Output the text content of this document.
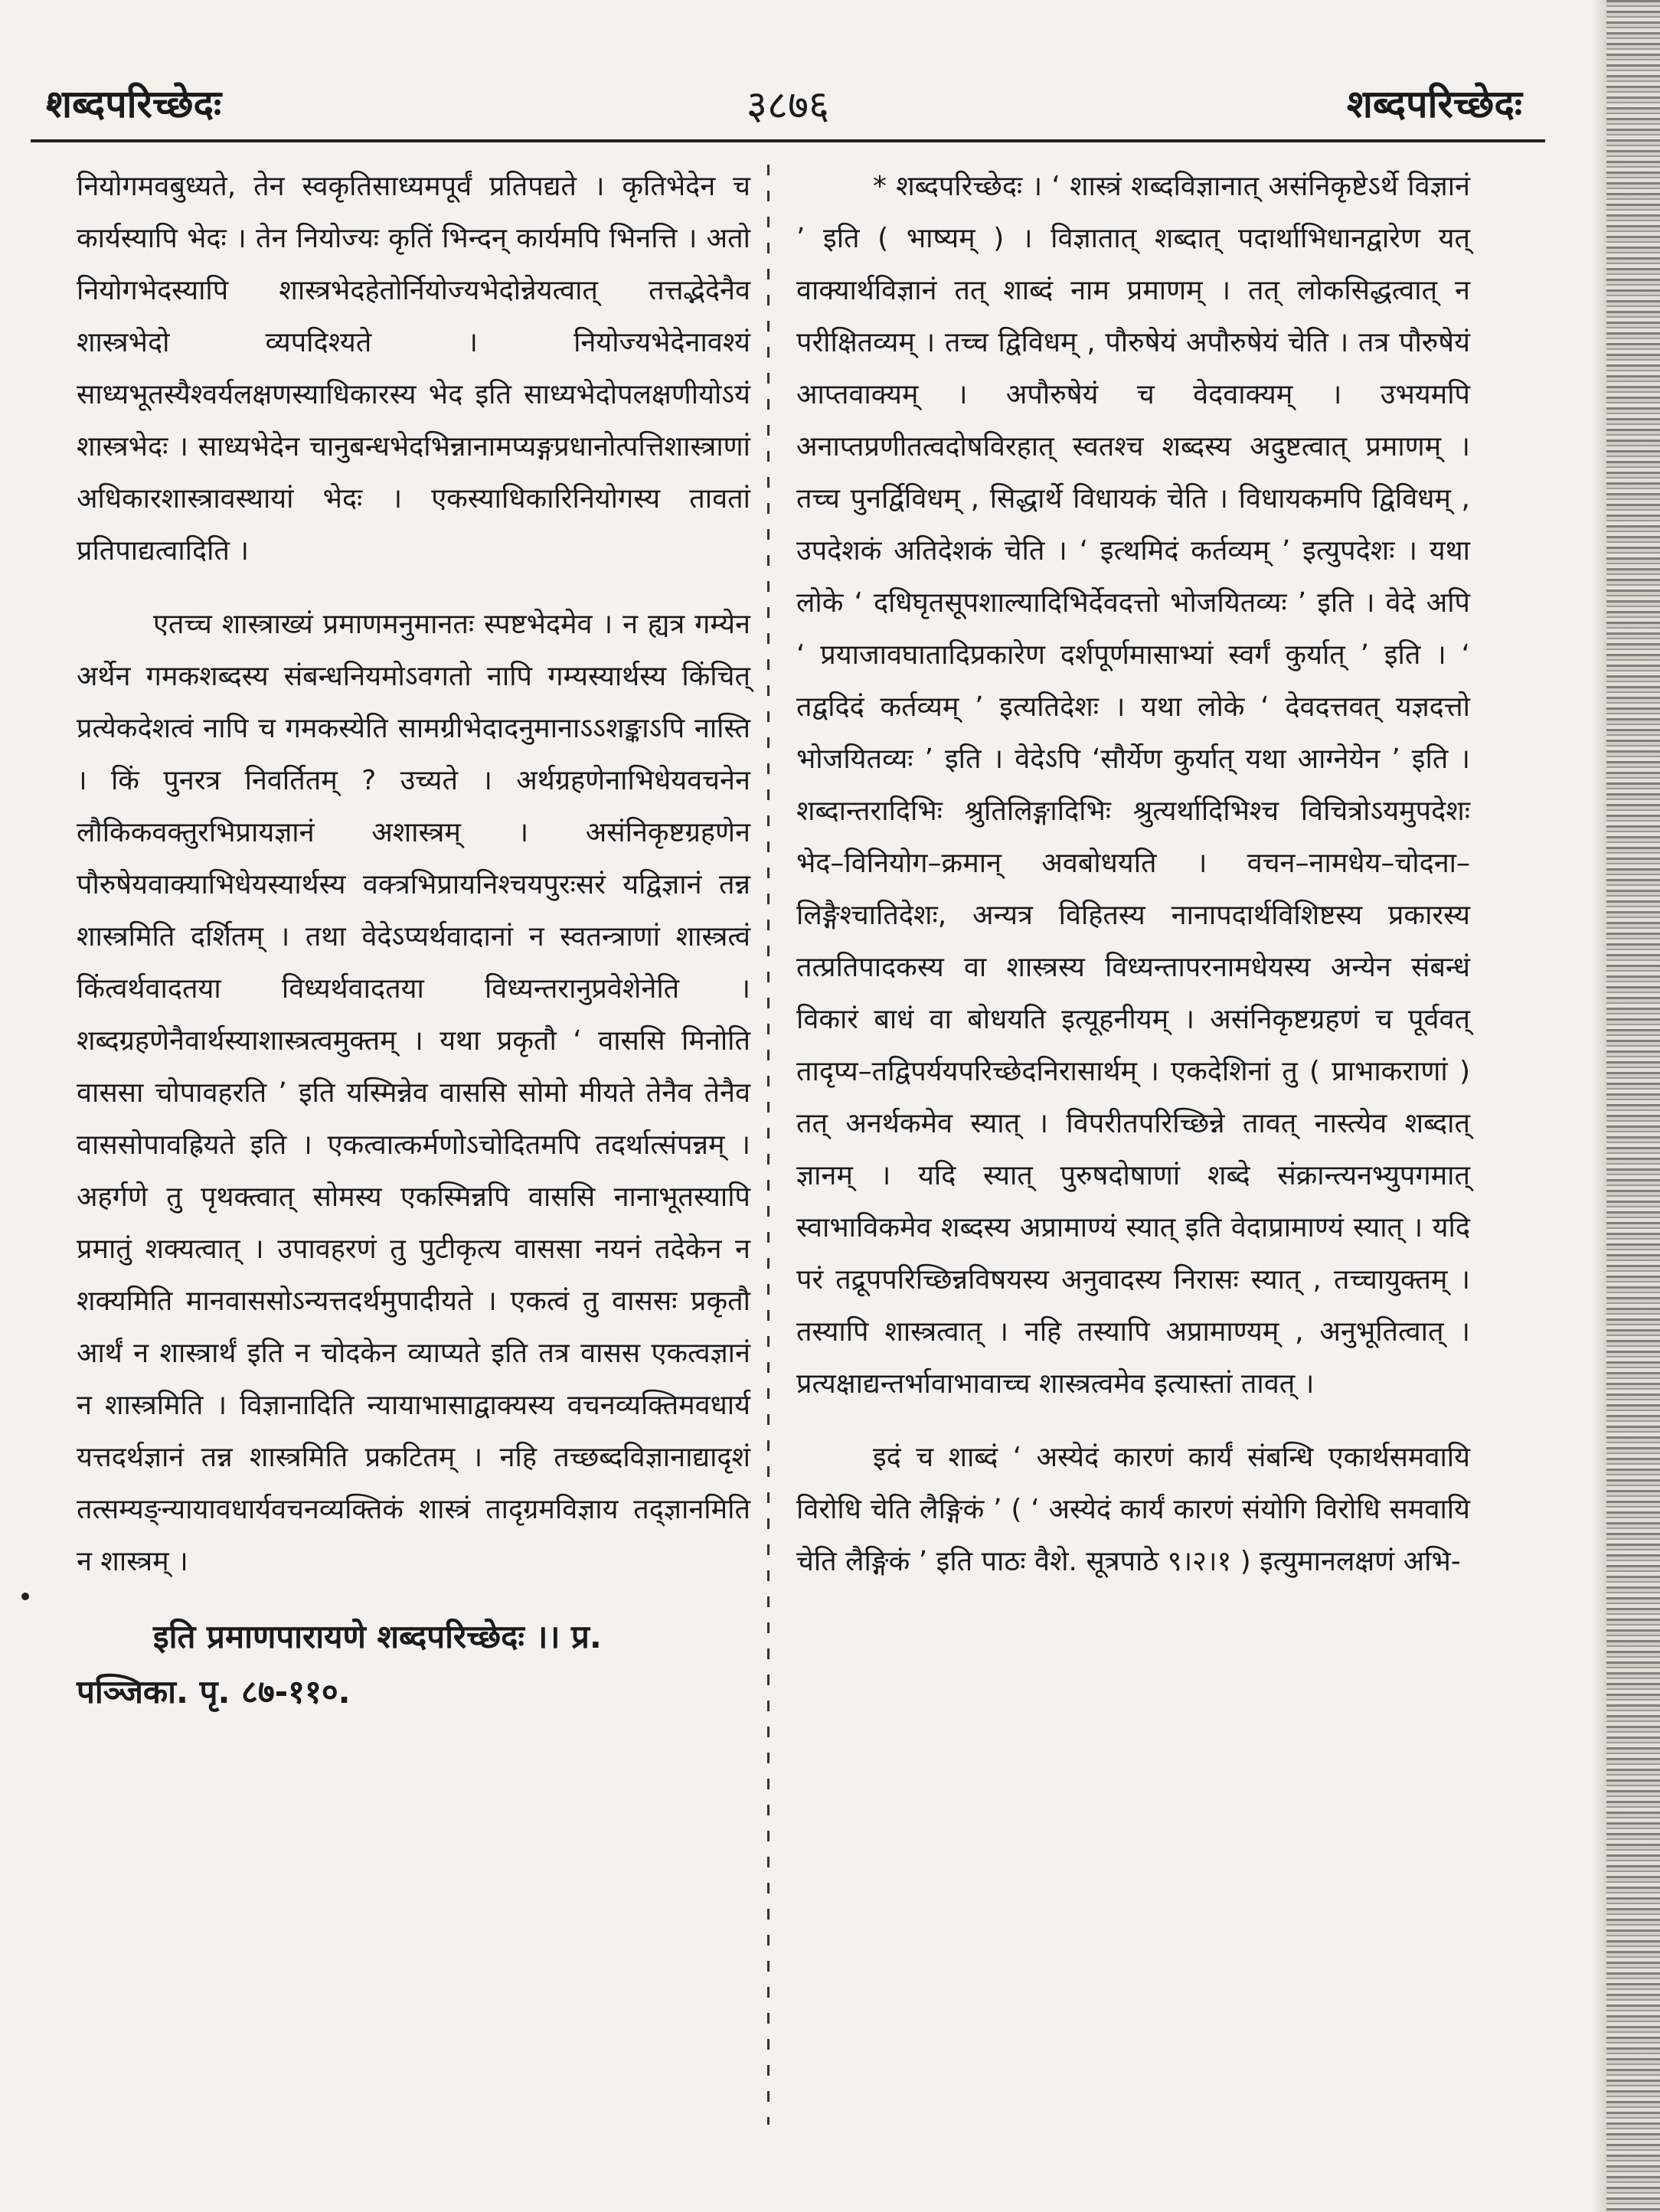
शब्दपरिच्छेदः	३८७६	शब्दपरिच्छेदः

नियोगमवबुध्यते, तेन स्वकृतिसाध्यमपूर्वं प्रतिपद्यते । कृतिभेदेन च कार्यस्यापि भेदः । तेन नियोज्यः कृतिं भिन्दन् कार्यमपि भिनत्ति । अतो नियोगभेदस्यापि शास्त्रभेदहेतोर्नियोज्यभेदोन्नेयत्वात् तत्तद्भेदेनैव शास्त्रभेदो व्यपदिश्यते । नियोज्यभेदेनावश्यं साध्यभूतस्यैश्वर्यलक्षणस्याधिकारस्य भेद इति साध्यभेदोपलक्षणीयोऽयं शास्त्रभेदः । साध्यभेदेन चानुबन्धभेदभिन्नानामप्यङ्गप्रधानोत्पत्तिशास्त्राणां अधिकारशास्त्रावस्थायां भेदः । एकस्याधिकारिनियोगस्य तावतां प्रतिपाद्यत्वादिति ।

एतच्च शास्त्राख्यं प्रमाणमनुमानतः स्पष्टभेदमेव । न ह्यत्र गम्येन अर्थेन गमकशब्दस्य संबन्धनियमोऽवगतो नापि गम्यस्यार्थस्य किंचित् प्रत्येकदेशत्वं नापि च गमकस्येति सामग्रीभेदादनुमानाऽऽशङ्काऽपि नास्ति । किं पुनरत्र निवर्तितम् ? उच्यते । अर्थग्रहणेनाभिधेयवचनेन लौकिकवक्तुरभिप्रायज्ञानं अशास्त्रम् । असंनिकृष्टग्रहणेन पौरुषेयवाक्याभिधेयस्यार्थस्य वक्त्रभिप्रायनिश्चयपुरःसरं यद्विज्ञानं तन्न शास्त्रमिति दर्शितम् । तथा वेदेऽप्यर्थवादानां न स्वतन्त्राणां शास्त्रत्वं किंत्वर्थवादतया विध्यर्थवादतया विध्यन्तरानुप्रवेशेनेति । शब्दग्रहणेनैवार्थस्याशास्त्रत्वमुक्तम् । यथा प्रकृतौ ‘ वाससि मिनोति वाससा चोपावहरति ’ इति यस्मिन्नेव वाससि सोमो मीयते तेनैव तेनैव वाससोपावह्रियते इति । एकत्वात्कर्मणोऽचोदितमपि तदर्थात्संपन्नम् । अहर्गणे तु पृथक्त्वात् सोमस्य एकस्मिन्नपि वाससि नानाभूतस्यापि प्रमातुं शक्यत्वात् । उपावहरणं तु पुटीकृत्य वाससा नयनं तदेकेन न शक्यमिति मानवाससोऽन्यत्तदर्थमुपादीयते । एकत्वं तु वाससः प्रकृतौ आर्थं न शास्त्रार्थं इति न चोदकेन व्याप्यते इति तत्र वासस एकत्वज्ञानं न शास्त्रमिति । विज्ञानादिति न्यायाभासाद्वाक्यस्य वचनव्यक्तिमवधार्य यत्तदर्थज्ञानं तन्न शास्त्रमिति प्रकटितम् । नहि तच्छब्दविज्ञानाद्यादृशं तत्सम्यङ्न्यायावधार्यवचनव्यक्तिकं शास्त्रं तादृग्रमविज्ञाय तद्ज्ञानमिति न शास्त्रम् ।

इति प्रमाणपारायणे शब्दपरिच्छेदः ।। प्र.
पञ्जिका. पृ. ८७-११०.

* शब्दपरिच्छेदः । ‘ शास्त्रं शब्दविज्ञानात् असंनिकृष्टेऽर्थे विज्ञानं ’ इति ( भाष्यम् ) । विज्ञातात् शब्दात् पदार्थाभिधानद्वारेण यत् वाक्यार्थविज्ञानं तत् शाब्दं नाम प्रमाणम् । तत् लोकसिद्धत्वात् न परीक्षितव्यम् । तच्च द्विविधम् , पौरुषेयं अपौरुषेयं चेति । तत्र पौरुषेयं आप्तवाक्यम् । अपौरुषेयं च वेदवाक्यम् । उभयमपि अनाप्तप्रणीतत्वदोषविरहात् स्वतश्च शब्दस्य अदुष्टत्वात् प्रमाणम् । तच्च पुनर्द्विविधम् , सिद्धार्थे विधायकं चेति । विधायकमपि द्विविधम् , उपदेशकं अतिदेशकं चेति । ‘ इत्थमिदं कर्तव्यम् ’ इत्युपदेशः । यथा लोके ‘ दधिघृतसूपशाल्यादिभिर्देवदत्तो भोजयितव्यः ’ इति । वेदे अपि ‘ प्रयाजावघातादिप्रकारेण दर्शपूर्णमासाभ्यां स्वर्गं कुर्यात् ’ इति । ‘ तद्वदिदं कर्तव्यम् ’ इत्यतिदेशः । यथा लोके ‘ देवदत्तवत् यज्ञदत्तो भोजयितव्यः ’ इति । वेदेऽपि ‘सौर्येण कुर्यात् यथा आग्नेयेन ’ इति । शब्दान्तरादिभिः श्रुतिलिङ्गादिभिः श्रुत्यर्थादिभिश्च विचित्रोऽयमुपदेशः भेद–विनियोग–क्रमान् अवबोधयति । वचन–नामधेय–चोदना–लिङ्गैश्चातिदेशः, अन्यत्र विहितस्य नानापदार्थविशिष्टस्य प्रकारस्य तत्प्रतिपादकस्य वा शास्त्रस्य विध्यन्तापरनामधेयस्य अन्येन संबन्धं विकारं बाधं वा बोधयति इत्यूहनीयम् । असंनिकृष्टग्रहणं च पूर्ववत् तादृप्य–तद्विपर्ययपरिच्छेदनिरासार्थम् । एकदेशिनां तु ( प्राभाकराणां ) तत् अनर्थकमेव स्यात् । विपरीतपरिच्छिन्ने तावत् नास्त्येव शब्दात् ज्ञानम् । यदि स्यात् पुरुषदोषाणां शब्दे संक्रान्त्यनभ्युपगमात् स्वाभाविकमेव शब्दस्य अप्रामाण्यं स्यात् इति वेदाप्रामाण्यं स्यात् । यदि परं तद्रूपपरिच्छिन्नविषयस्य अनुवादस्य निरासः स्यात् , तच्चायुक्तम् । तस्यापि शास्त्रत्वात् । नहि तस्यापि अप्रामाण्यम् , अनुभूतित्वात् । प्रत्यक्षाद्यन्तर्भावाभावाच्च शास्त्रत्वमेव इत्यास्तां तावत् ।

इदं च शाब्दं ‘ अस्येदं कारणं कार्यं संबन्धि एकार्थसमवायि विरोधि चेति लैङ्गिकं ’ ( ‘ अस्येदं कार्यं कारणं संयोगि विरोधि समवायि चेति लैङ्गिकं ’ इति पाठः वैशे. सूत्रपाठे ९।२।१ ) इत्युमानलक्षणं अभि-
